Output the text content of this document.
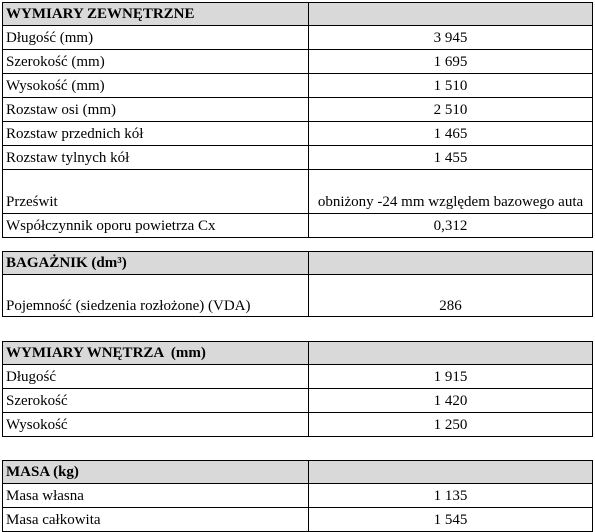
WYMIARY ZEWNĘTRZNE	
Długość (mm)	3 945
Szerokość (mm)	1 695
Wysokość (mm)	1 510
Rozstaw osi (mm)	2 510
Rozstaw przednich kół	1 465
Rozstaw tylnych kół	1 455
Prześwit	obniżony -24 mm względem bazowego auta
Współczynnik oporu powietrza Cx	0,312
BAGAŻNIK (dm³)	
Pojemność (siedzenia rozłożone) (VDA)	286
WYMIARY WNĘTRZA  (mm)	
Długość	1 915
Szerokość	1 420
Wysokość	1 250
MASA (kg)	
Masa własna	1 135
Masa całkowita	1 545
